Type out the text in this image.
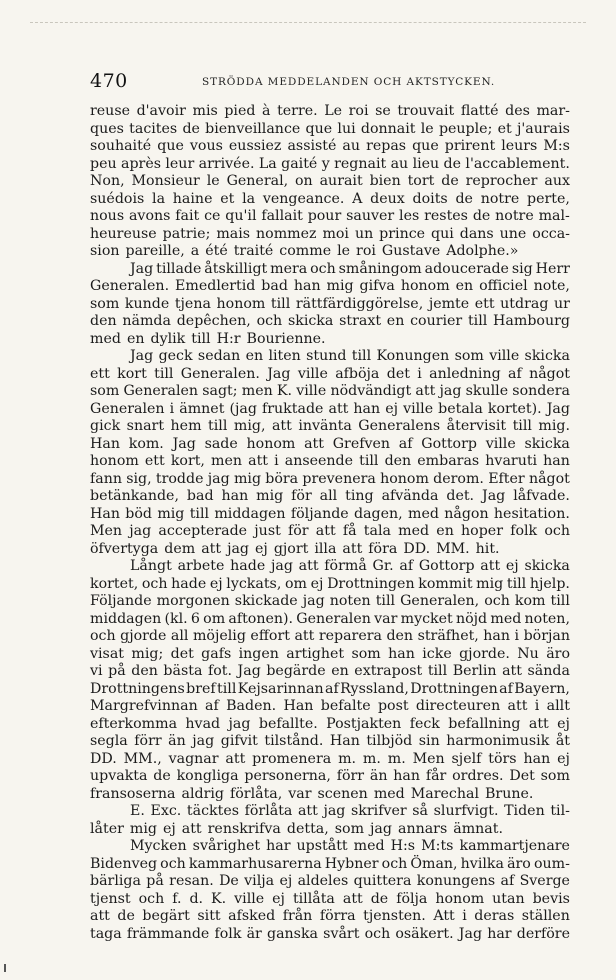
470	STRÖDDA MEDDELANDEN OCH AKTSTYCKEN.
reuse d'avoir mis pied à terre. Le roi se trouvait flatté des mar-
ques tacites de bienveillance que lui donnait le peuple; et j'aurais
souhaité que vous eussiez assisté au repas que prirent leurs M:s
peu après leur arrivée. La gaité y regnait au lieu de l'accablement.
Non, Monsieur le General, on aurait bien tort de reprocher aux
suédois la haine et la vengeance. A deux doits de notre perte,
nous avons fait ce qu'il fallait pour sauver les restes de notre mal-
heureuse patrie; mais nommez moi un prince qui dans une occa-
sion pareille, a été traité comme le roi Gustave Adolphe.»
Jag tillade åtskilligt mera och småningom adoucerade sig Herr
Generalen. Emedlertid bad han mig gifva honom en officiel note,
som kunde tjena honom till rättfärdiggörelse, jemte ett utdrag ur
den nämda depêchen, och skicka straxt en courier till Hambourg
med en dylik till H:r Bourienne.
Jag geck sedan en liten stund till Konungen som ville skicka
ett kort till Generalen. Jag ville afböja det i anledning af något
som Generalen sagt; men K. ville nödvändigt att jag skulle sondera
Generalen i ämnet (jag fruktade att han ej ville betala kortet). Jag
gick snart hem till mig, att invänta Generalens återvisit till mig.
Han kom. Jag sade honom att Grefven af Gottorp ville skicka
honom ett kort, men att i anseende till den embaras hvaruti han
fann sig, trodde jag mig böra prevenera honom derom. Efter något
betänkande, bad han mig för all ting afvända det. Jag låfvade.
Han böd mig till middagen följande dagen, med någon hesitation.
Men jag accepterade just för att få tala med en hoper folk och
öfvertyga dem att jag ej gjort illa att föra DD. MM. hit.
Långt arbete hade jag att förmå Gr. af Gottorp att ej skicka
kortet, och hade ej lyckats, om ej Drottningen kommit mig till hjelp.
Följande morgonen skickade jag noten till Generalen, och kom till
middagen (kl. 6 om aftonen). Generalen var mycket nöjd med noten,
och gjorde all möjelig effort att reparera den sträfhet, han i början
visat mig; det gafs ingen artighet som han icke gjorde. Nu äro
vi på den bästa fot. Jag begärde en extrapost till Berlin att sända
Drottningens bref till Kejsarinnan af Ryssland, Drottningen af Bayern,
Margrefvinnan af Baden. Han befalte post directeuren att i allt
efterkomma hvad jag befallte. Postjakten feck befallning att ej
segla förr än jag gifvit tilstånd. Han tilbjöd sin harmonimusik åt
DD. MM., vagnar att promenera m. m. m. Men sjelf törs han ej
upvakta de kongliga personerna, förr än han får ordres. Det som
fransoserna aldrig förlåta, var scenen med Marechal Brune.
E. Exc. täcktes förlåta att jag skrifver så slurfvigt. Tiden til-
låter mig ej att renskrifva detta, som jag annars ämnat.
Mycken svårighet har upstått med H:s M:ts kammartjenare
Bidenveg och kammarhusarerna Hybner och Öman, hvilka äro oum-
bärliga på resan. De vilja ej aldeles quittera konungens af Sverge
tjenst och f. d. K. ville ej tillåta att de följa honom utan bevis
att de begärt sitt afsked från förra tjensten. Att i deras ställen
taga främmande folk är ganska svårt och osäkert. Jag har derföre
